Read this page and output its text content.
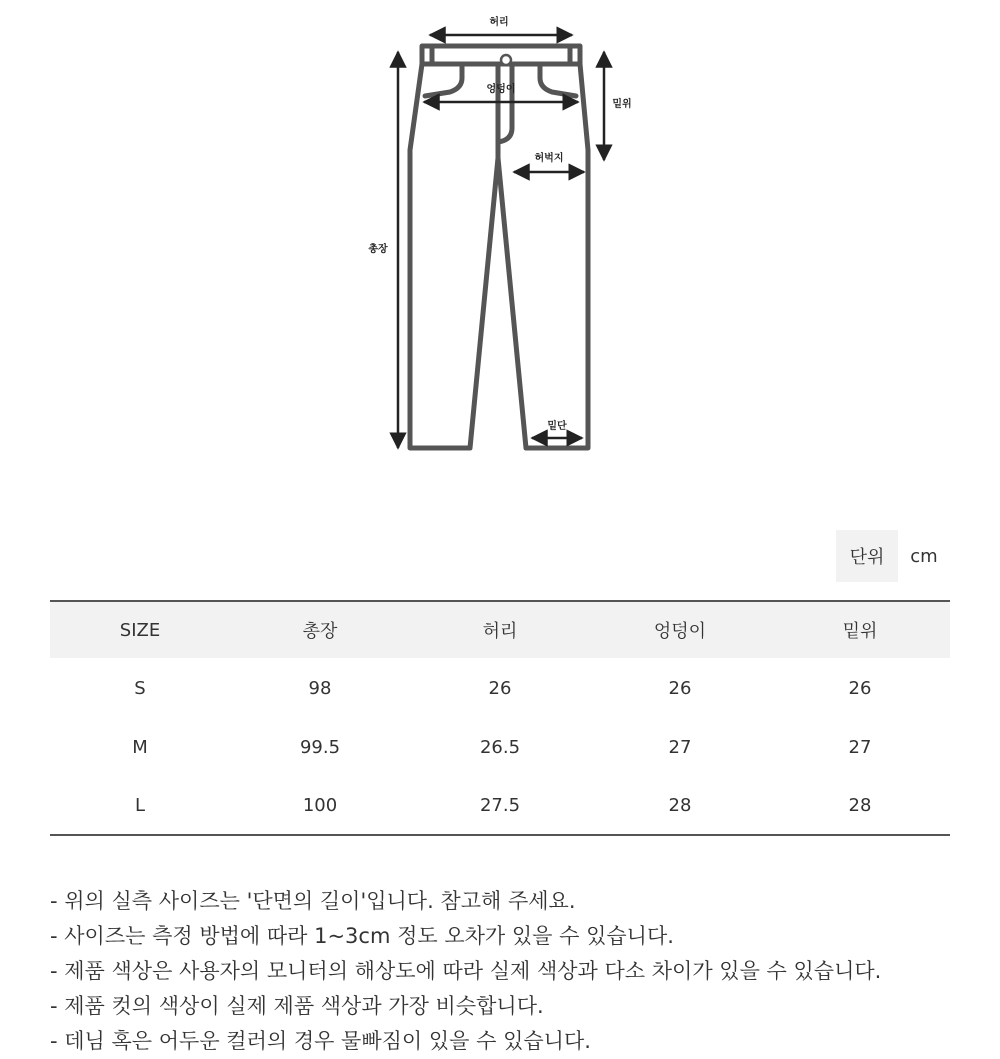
허리
엉덩이
밑위
허벅지
총장
밑단
단위	cm
SIZE	총장	허리	엉덩이	밑위
S	98	26	26	26
M	99.5	26.5	27	27
L	100	27.5	28	28
- 위의 실측 사이즈는 '단면의 길이'입니다. 참고해 주세요.
- 사이즈는 측정 방법에 따라 1~3cm 정도 오차가 있을 수 있습니다.
- 제품 색상은 사용자의 모니터의 해상도에 따라 실제 색상과 다소 차이가 있을 수 있습니다.
- 제품 컷의 색상이 실제 제품 색상과 가장 비슷합니다.
- 데님 혹은 어두운 컬러의 경우 물빠짐이 있을 수 있습니다.
